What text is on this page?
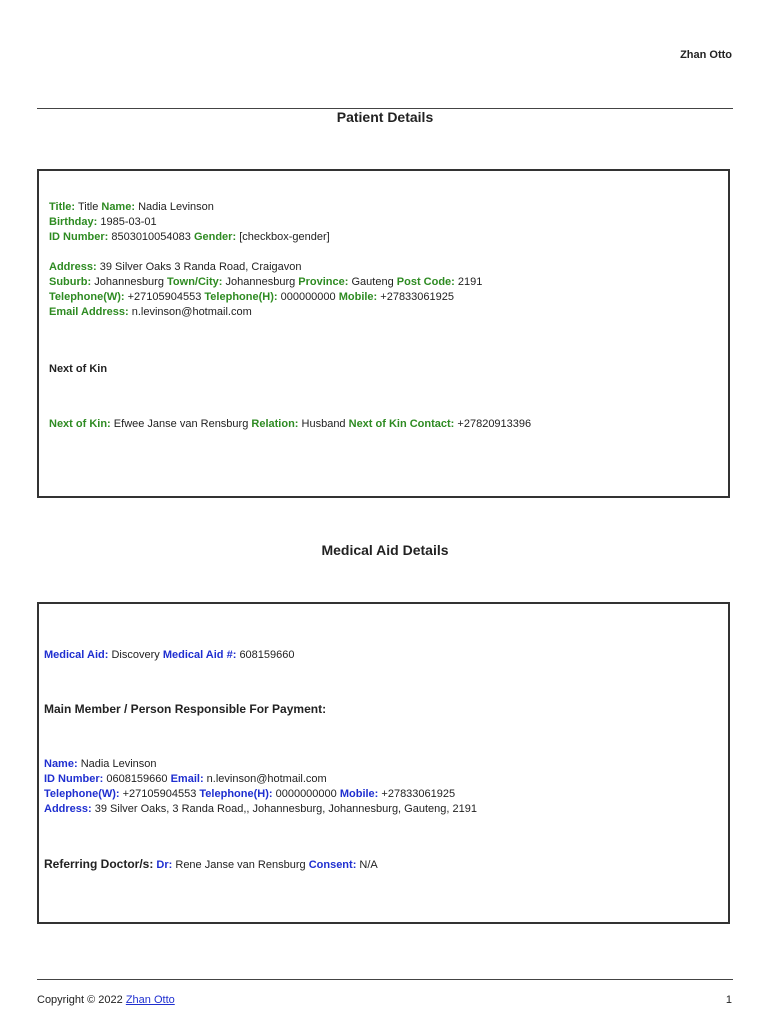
Zhan Otto
Patient Details
Title: Title Name: Nadia Levinson
Birthday: 1985-03-01
ID Number: 8503010054083 Gender: [checkbox-gender]
Address: 39 Silver Oaks 3 Randa Road, Craigavon
Suburb: Johannesburg Town/City: Johannesburg Province: Gauteng Post Code: 2191
Telephone(W): +27105904553 Telephone(H): 000000000 Mobile: +27833061925
Email Address: n.levinson@hotmail.com
Next of Kin
Next of Kin: Efwee Janse van Rensburg Relation: Husband Next of Kin Contact: +27820913396
Medical Aid Details
Medical Aid: Discovery Medical Aid #: 608159660
Main Member / Person Responsible For Payment:
Name: Nadia Levinson
ID Number: 0608159660 Email: n.levinson@hotmail.com
Telephone(W): +27105904553 Telephone(H): 0000000000 Mobile: +27833061925
Address: 39 Silver Oaks, 3 Randa Road,, Johannesburg, Johannesburg, Gauteng, 2191
Referring Doctor/s: Dr: Rene Janse van Rensburg Consent: N/A
Copyright © 2022 Zhan Otto	1
